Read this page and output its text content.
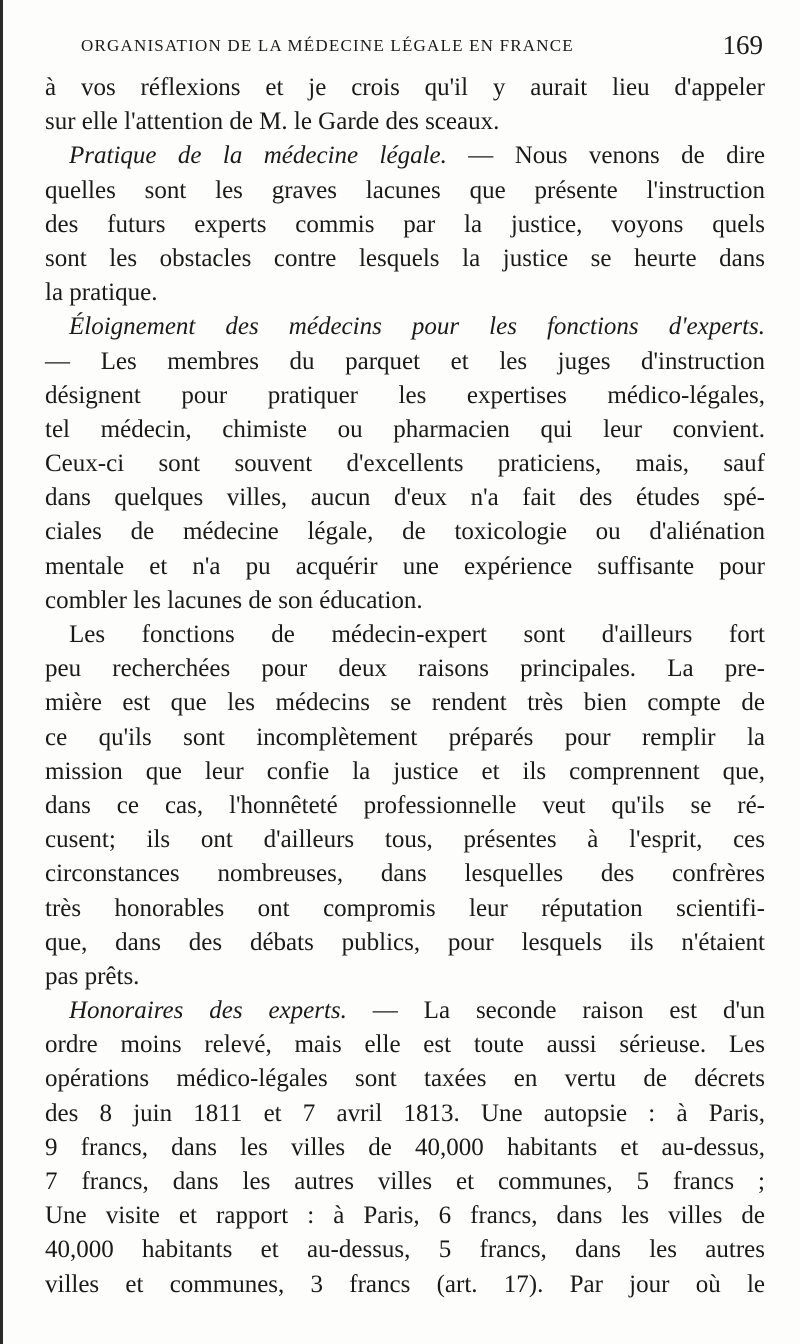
ORGANISATION DE LA MÉDECINE LÉGALE EN FRANCE	169
à vos réflexions et je crois qu'il y aurait lieu d'appeler
sur elle l'attention de M. le Garde des sceaux.
Pratique de la médecine légale. — Nous venons de dire
quelles sont les graves lacunes que présente l'instruction
des futurs experts commis par la justice, voyons quels
sont les obstacles contre lesquels la justice se heurte dans
la pratique.
Éloignement des médecins pour les fonctions d'experts.
— Les membres du parquet et les juges d'instruction
désignent pour pratiquer les expertises médico-légales,
tel médecin, chimiste ou pharmacien qui leur convient.
Ceux-ci sont souvent d'excellents praticiens, mais, sauf
dans quelques villes, aucun d'eux n'a fait des études spé-
ciales de médecine légale, de toxicologie ou d'aliénation
mentale et n'a pu acquérir une expérience suffisante pour
combler les lacunes de son éducation.
Les fonctions de médecin-expert sont d'ailleurs fort
peu recherchées pour deux raisons principales. La pre-
mière est que les médecins se rendent très bien compte de
ce qu'ils sont incomplètement préparés pour remplir la
mission que leur confie la justice et ils comprennent que,
dans ce cas, l'honnêteté professionnelle veut qu'ils se ré-
cusent; ils ont d'ailleurs tous, présentes à l'esprit, ces
circonstances nombreuses, dans lesquelles des confrères
très honorables ont compromis leur réputation scientifi-
que, dans des débats publics, pour lesquels ils n'étaient
pas prêts.
Honoraires des experts. — La seconde raison est d'un
ordre moins relevé, mais elle est toute aussi sérieuse. Les
opérations médico-légales sont taxées en vertu de décrets
des 8 juin 1811 et 7 avril 1813. Une autopsie : à Paris,
9 francs, dans les villes de 40,000 habitants et au-dessus,
7 francs, dans les autres villes et communes, 5 francs ;
Une visite et rapport : à Paris, 6 francs, dans les villes de
40,000 habitants et au-dessus, 5 francs, dans les autres
villes et communes, 3 francs (art. 17). Par jour où le
